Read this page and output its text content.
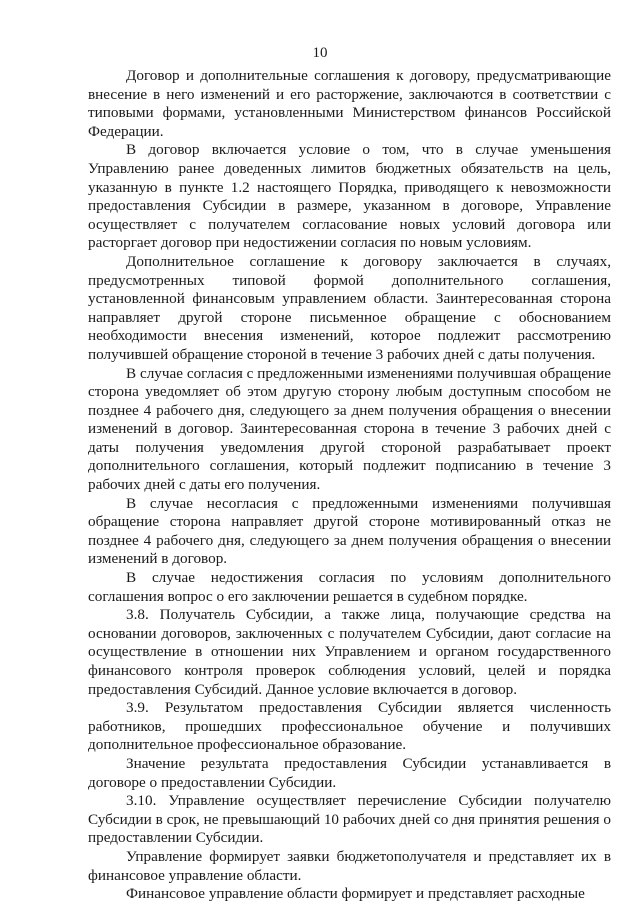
10

Договор и дополнительные соглашения к договору, предусматривающие внесение в него изменений и его расторжение, заключаются в соответствии с типовыми формами, установленными Министерством финансов Российской Федерации.

В договор включается условие о том, что в случае уменьшения Управлению ранее доведенных лимитов бюджетных обязательств на цель, указанную в пункте 1.2 настоящего Порядка, приводящего к невозможности предоставления Субсидии в размере, указанном в договоре, Управление осуществляет с получателем согласование новых условий договора или расторгает договор при недостижении согласия по новым условиям.

Дополнительное соглашение к договору заключается в случаях, предусмотренных типовой формой дополнительного соглашения, установленной финансовым управлением области. Заинтересованная сторона направляет другой стороне письменное обращение с обоснованием необходимости внесения изменений, которое подлежит рассмотрению получившей обращение стороной в течение 3 рабочих дней с даты получения.

В случае согласия с предложенными изменениями получившая обращение сторона уведомляет об этом другую сторону любым доступным способом не позднее 4 рабочего дня, следующего за днем получения обращения о внесении изменений в договор. Заинтересованная сторона в течение 3 рабочих дней с даты получения уведомления другой стороной разрабатывает проект дополнительного соглашения, который подлежит подписанию в течение 3 рабочих дней с даты его получения.

В случае несогласия с предложенными изменениями получившая обращение сторона направляет другой стороне мотивированный отказ не позднее 4 рабочего дня, следующего за днем получения обращения о внесении изменений в договор.

В случае недостижения согласия по условиям дополнительного соглашения вопрос о его заключении решается в судебном порядке.

3.8. Получатель Субсидии, а также лица, получающие средства на основании договоров, заключенных с получателем Субсидии, дают согласие на осуществление в отношении них Управлением и органом государственного финансового контроля проверок соблюдения условий, целей и порядка предоставления Субсидий. Данное условие включается в договор.

3.9. Результатом предоставления Субсидии является численность работников, прошедших профессиональное обучение и получивших дополнительное профессиональное образование.

Значение результата предоставления Субсидии устанавливается в договоре о предоставлении Субсидии.

3.10. Управление осуществляет перечисление Субсидии получателю Субсидии в срок, не превышающий 10 рабочих дней со дня принятия решения о предоставлении Субсидии.

Управление формирует заявки бюджетополучателя и представляет их в финансовое управление области.

Финансовое управление области формирует и представляет расходные
